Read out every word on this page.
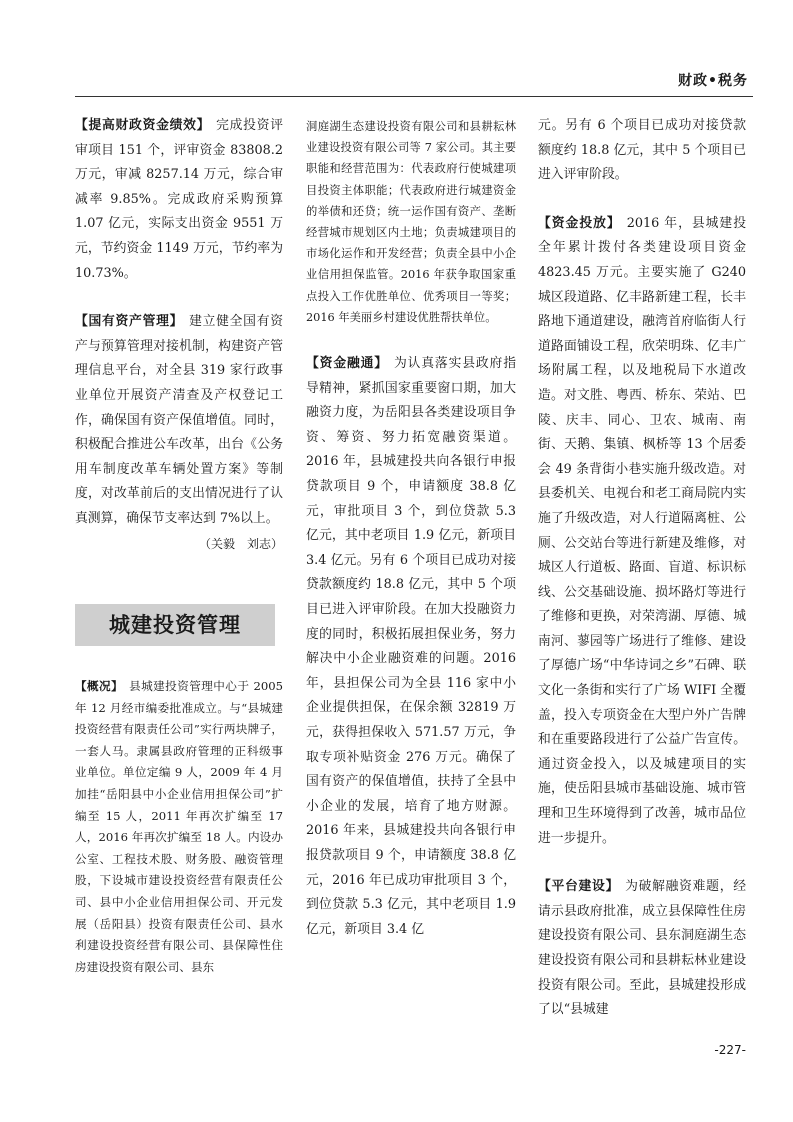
财政•税务

【提高财政资金绩效】 完成投资评审项目 151 个，评审资金 83808.2 万元，审减 8257.14 万元，综合审减率 9.85%。完成政府采购预算 1.07 亿元，实际支出资金 9551 万元，节约资金 1149 万元，节约率为 10.73%。

【国有资产管理】 建立健全国有资产与预算管理对接机制，构建资产管理信息平台，对全县 319 家行政事业单位开展资产清查及产权登记工作，确保国有资产保值增值。同时，积极配合推进公车改革，出台《公务用车制度改革车辆处置方案》等制度，对改革前后的支出情况进行了认真测算，确保节支率达到 7%以上。

（关毅　刘志）

城建投资管理

【概况】 县城建投资管理中心于 2005 年 12 月经市编委批准成立。与“县城建投资经营有限责任公司”实行两块牌子，一套人马。隶属县政府管理的正科级事业单位。单位定编 9 人，2009 年 4 月加挂“岳阳县中小企业信用担保公司”扩编至 15 人，2011 年再次扩编至 17 人，2016 年再次扩编至 18 人。内设办公室、工程技术股、财务股、融资管理股，下设城市建设投资经营有限责任公司、县中小企业信用担保公司、开元发展（岳阳县）投资有限责任公司、县水利建设投资经营有限公司、县保障性住房建设投资有限公司、县东

洞庭湖生态建设投资有限公司和县耕耘林业建设投资有限公司等 7 家公司。其主要职能和经营范围为：代表政府行使城建项目投资主体职能；代表政府进行城建资金的举债和还贷；统一运作国有资产、垄断经营城市规划区内土地；负责城建项目的市场化运作和开发经营；负责全县中小企业信用担保监管。2016 年获争取国家重点投入工作优胜单位、优秀项目一等奖；2016 年美丽乡村建设优胜帮扶单位。

【资金融通】 为认真落实县政府指导精神，紧抓国家重要窗口期，加大融资力度，为岳阳县各类建设项目争资、筹资、努力拓宽融资渠道。2016 年，县城建投共向各银行申报贷款项目 9 个，申请额度 38.8 亿元，审批项目 3 个，到位贷款 5.3 亿元，其中老项目 1.9 亿元，新项目 3.4 亿元。另有 6 个项目已成功对接贷款额度约 18.8 亿元，其中 5 个项目已进入评审阶段。在加大投融资力度的同时，积极拓展担保业务，努力解决中小企业融资难的问题。2016 年，县担保公司为全县 116 家中小企业提供担保，在保余额 32819 万元，获得担保收入 571.57 万元，争取专项补贴资金 276 万元。确保了国有资产的保值增值，扶持了全县中小企业的发展，培育了地方财源。2016 年来，县城建投共向各银行申报贷款项目 9 个，申请额度 38.8 亿元，2016 年已成功审批项目 3 个，到位贷款 5.3 亿元，其中老项目 1.9 亿元，新项目 3.4 亿

元。另有 6 个项目已成功对接贷款额度约 18.8 亿元，其中 5 个项目已进入评审阶段。

【资金投放】 2016 年，县城建投全年累计拨付各类建设项目资金 4823.45 万元。主要实施了 G240 城区段道路、亿丰路新建工程，长丰路地下通道建设，融湾首府临街人行道路面铺设工程，欣荣明珠、亿丰广场附属工程，以及地税局下水道改造。对文胜、粤西、桥东、荣站、巴陵、庆丰、同心、卫农、城南、南街、天鹅、集镇、枫桥等 13 个居委会 49 条背街小巷实施升级改造。对县委机关、电视台和老工商局院内实施了升级改造，对人行道隔离桩、公厕、公交站台等进行新建及维修，对城区人行道板、路面、盲道、标识标线、公交基础设施、损坏路灯等进行了维修和更换，对荣湾湖、厚德、城南河、蓼园等广场进行了维修、建设了厚德广场“中华诗词之乡”石碑、联文化一条街和实行了广场 WIFI 全覆盖，投入专项资金在大型户外广告牌和在重要路段进行了公益广告宣传。通过资金投入，以及城建项目的实施，使岳阳县城市基础设施、城市管理和卫生环境得到了改善，城市品位进一步提升。

【平台建设】 为破解融资难题，经请示县政府批准，成立县保障性住房建设投资有限公司、县东洞庭湖生态建设投资有限公司和县耕耘林业建设投资有限公司。至此，县城建投形成了以“县城建

-227-
